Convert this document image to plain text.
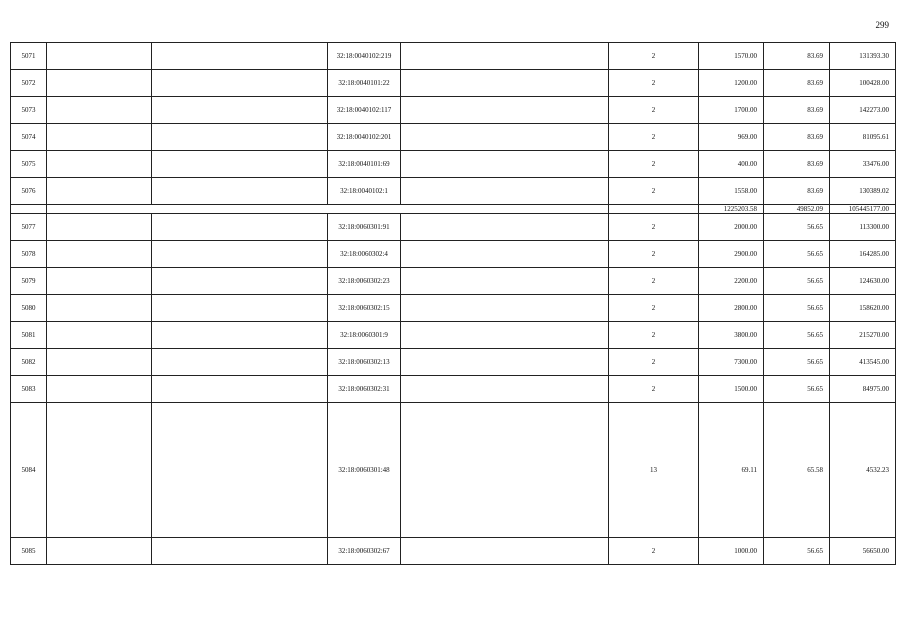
299
5071			32:18:0040102:219		2	1570.00	83.69	131393.30
5072			32:18:0040101:22		2	1200.00	83.69	100428.00
5073			32:18:0040102:117		2	1700.00	83.69	142273.00
5074			32:18:0040102:201		2	969.00	83.69	81095.61
5075			32:18:0040101:69		2	400.00	83.69	33476.00
5076			32:18:0040102:1		2	1558.00	83.69	130389.02
						1225203.58	49852.09	105445177.00
5077			32:18:0060301:91		2	2000.00	56.65	113300.00
5078			32:18:0060302:4		2	2900.00	56.65	164285.00
5079			32:18:0060302:23		2	2200.00	56.65	124630.00
5080			32:18:0060302:15		2	2800.00	56.65	158620.00
5081			32:18:0060301:9		2	3800.00	56.65	215270.00
5082			32:18:0060302:13		2	7300.00	56.65	413545.00
5083			32:18:0060302:31		2	1500.00	56.65	84975.00
5084			32:18:0060301:48		13	69.11	65.58	4532.23
5085			32:18:0060302:67		2	1000.00	56.65	56650.00
